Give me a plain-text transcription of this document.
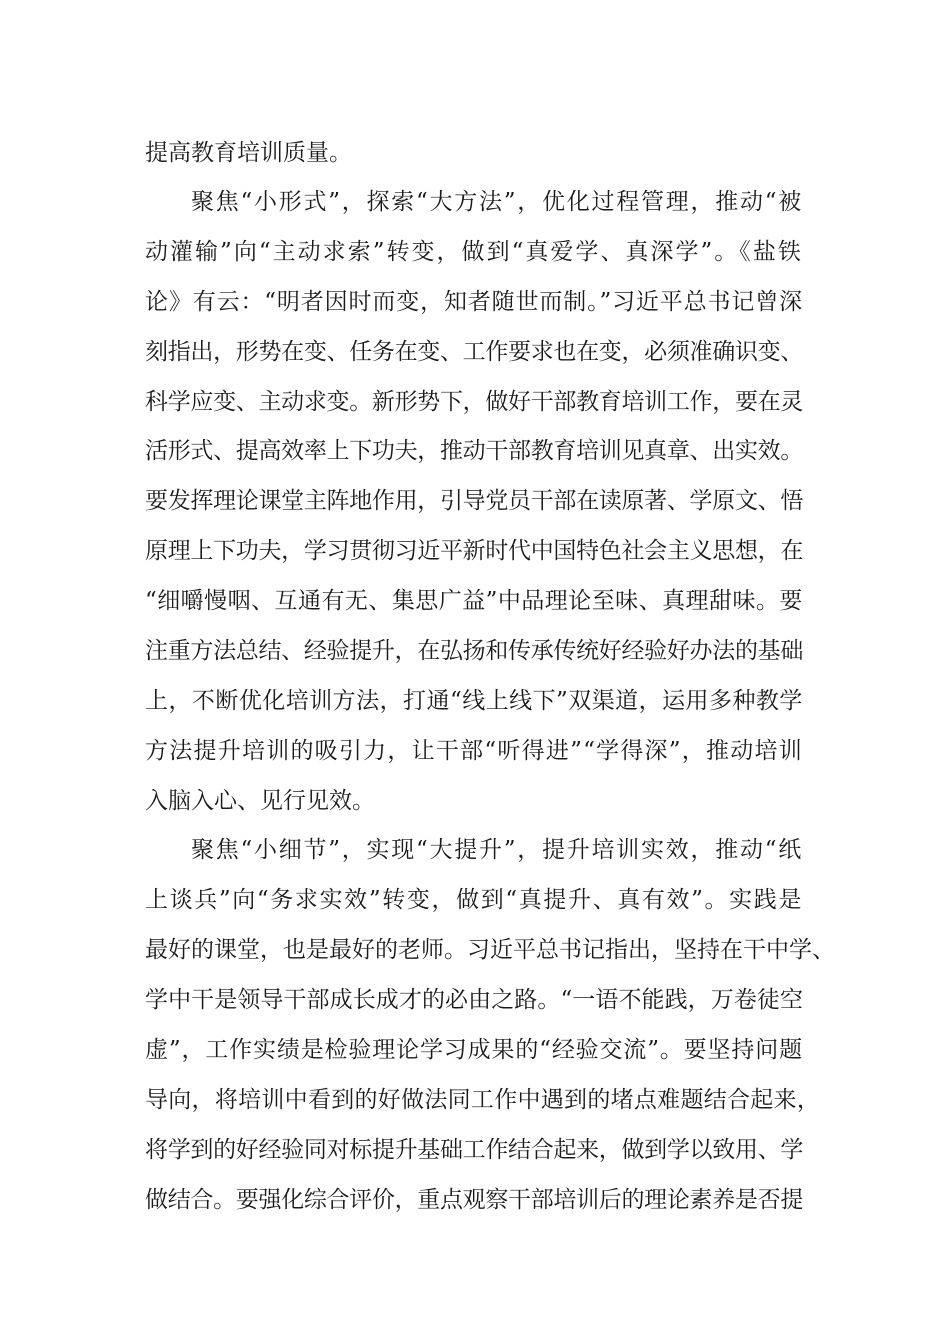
提高教育培训质量。
聚焦“小形式”，探索“大方法”，优化过程管理，推动“被
动灌输”向“主动求索”转变，做到“真爱学、真深学”。《盐铁
论》有云：“明者因时而变，知者随世而制。”习近平总书记曾深
刻指出，形势在变、任务在变、工作要求也在变，必须准确识变、
科学应变、主动求变。新形势下，做好干部教育培训工作，要在灵
活形式、提高效率上下功夫，推动干部教育培训见真章、出实效。
要发挥理论课堂主阵地作用，引导党员干部在读原著、学原文、悟
原理上下功夫，学习贯彻习近平新时代中国特色社会主义思想，在
“细嚼慢咽、互通有无、集思广益”中品理论至味、真理甜味。要
注重方法总结、经验提升，在弘扬和传承传统好经验好办法的基础
上，不断优化培训方法，打通“线上线下”双渠道，运用多种教学
方法提升培训的吸引力，让干部“听得进”“学得深”，推动培训
入脑入心、见行见效。
聚焦“小细节”，实现“大提升”，提升培训实效，推动“纸
上谈兵”向“务求实效”转变，做到“真提升、真有效”。实践是
最好的课堂，也是最好的老师。习近平总书记指出，坚持在干中学、
学中干是领导干部成长成才的必由之路。“一语不能践，万卷徒空
虚”，工作实绩是检验理论学习成果的“经验交流”。要坚持问题
导向，将培训中看到的好做法同工作中遇到的堵点难题结合起来，
将学到的好经验同对标提升基础工作结合起来，做到学以致用、学
做结合。要强化综合评价，重点观察干部培训后的理论素养是否提
